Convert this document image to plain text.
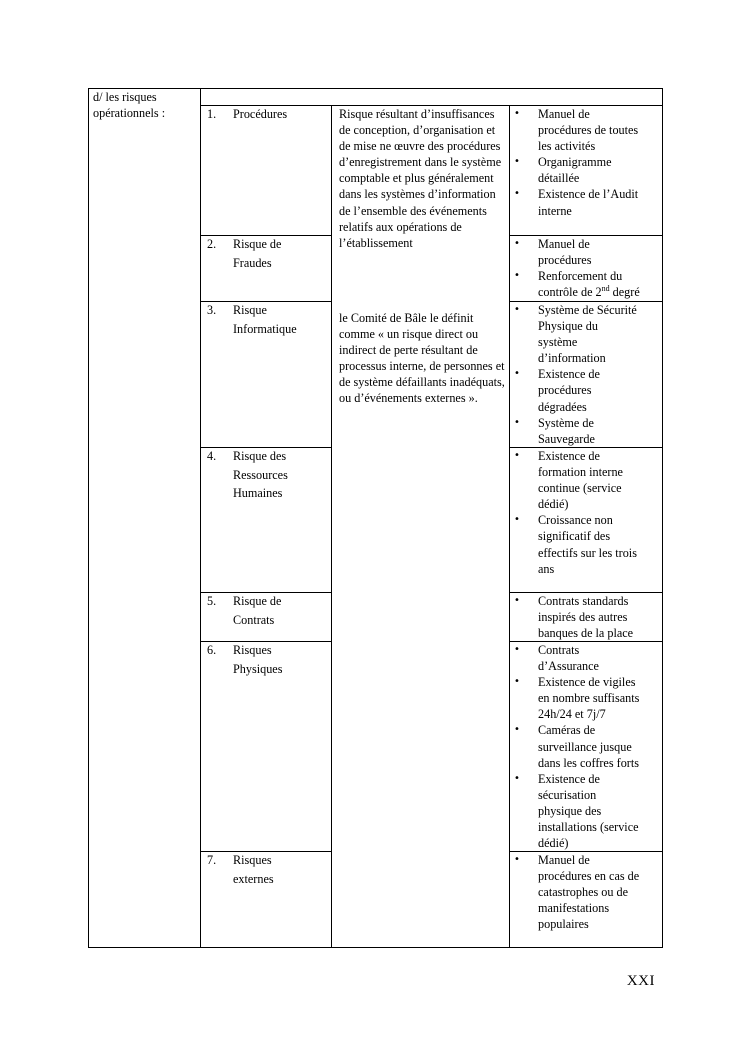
d/ les risques opérationnels :	1. Procédures
•	Manuel de procédures de toutes les activités
• Organigramme détaillée
• Existence de l’Audit interne
Risque résultant d’insuffisances de conception, d’organisation et de mise ne œuvre des procédures d’enregistrement dans le système comptable et plus généralement dans les systèmes d’information de l’ensemble des événements relatifs aux opérations de l’établissement
le Comité de Bâle le définit comme « un risque direct ou indirect de perte résultant de processus interne, de personnes et de système défaillants inadéquats, ou d’événements externes ».
2. Risque de Fraudes
• Manuel de procédures
• Renforcement du contrôle de 2nd degré
3. Risque Informatique
• Système de Sécurité Physique du système d’information
• Existence de procédures dégradées
• Système de Sauvegarde
4. Risque des Ressources Humaines
• Existence de formation interne continue (service dédié)
• Croissance non significatif des effectifs sur les trois ans
5. Risque de Contrats
• Contrats standards inspirés des autres banques de la place
6. Risques Physiques
• Contrats d’Assurance
• Existence de vigiles en nombre suffisants 24h/24 et 7j/7
• Caméras de surveillance jusque dans les coffres forts
• Existence de sécurisation physique des installations (service dédié)
7. Risques externes
• Manuel de procédures en cas de catastrophes ou de manifestations populaires
XXI
